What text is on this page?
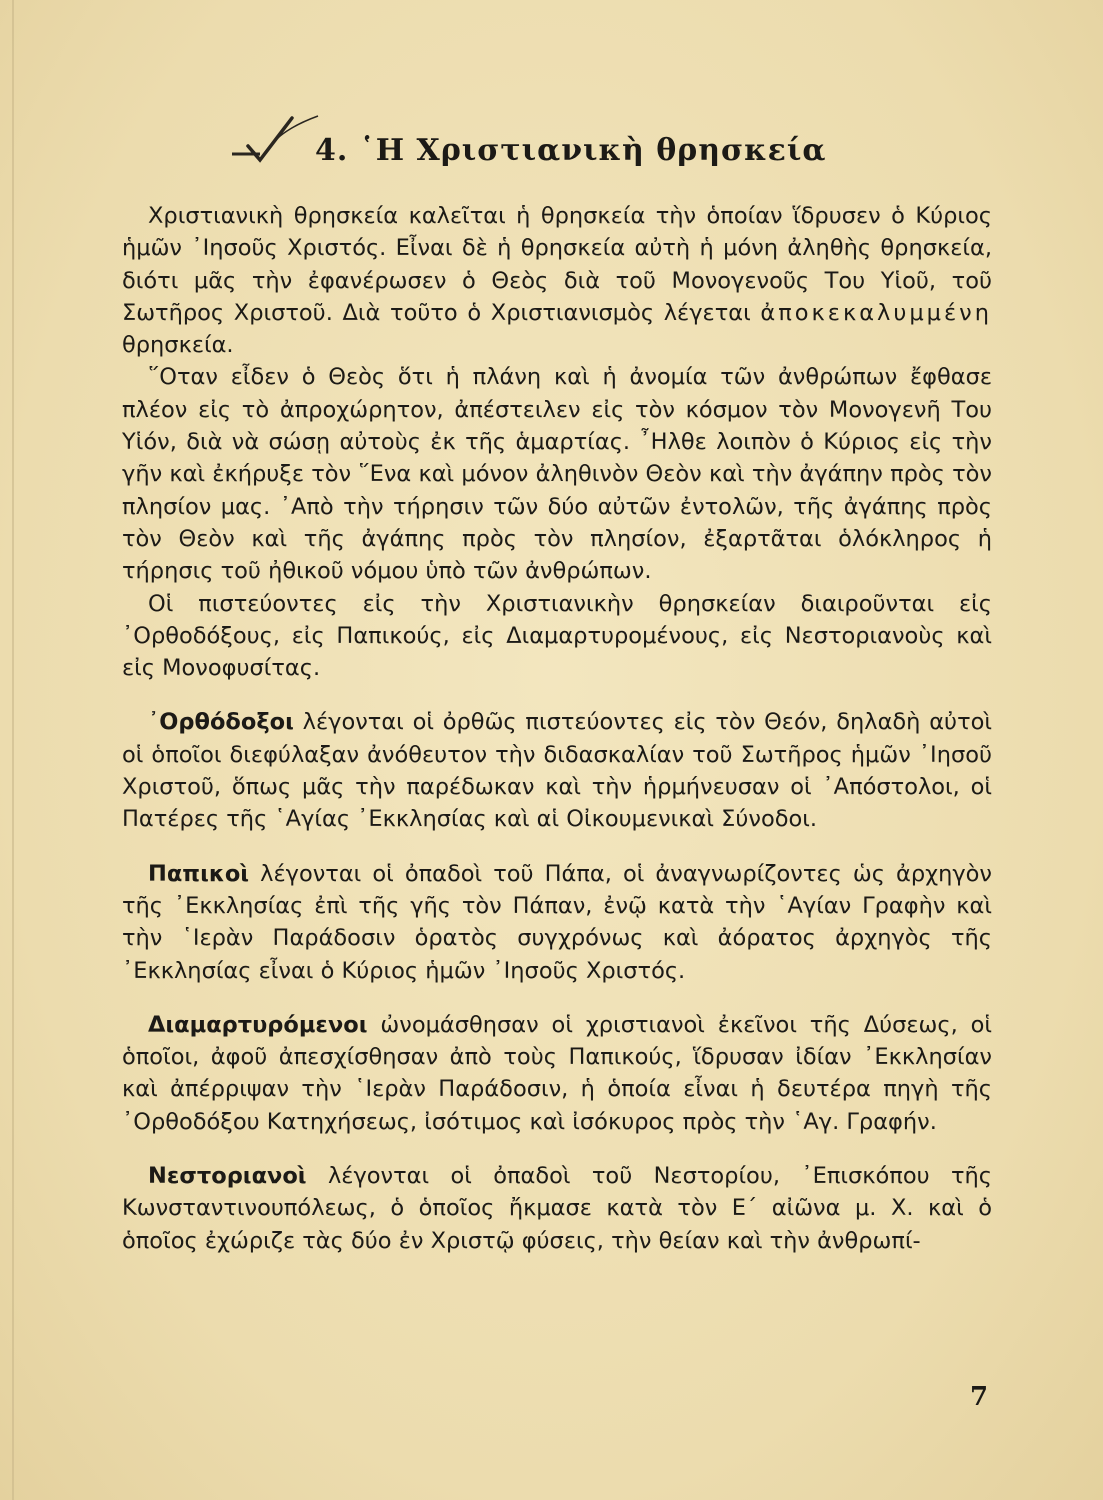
4. ῾Η Χριστιανικὴ θρησκεία

Χριστιανικὴ θρησκεία καλεῖται ἡ θρησκεία τὴν ὁποίαν ἵδρυσεν ὁ Κύριος ἡμῶν ᾿Ιησοῦς Χριστός. Εἶναι δὲ ἡ θρησκεία αὐτὴ ἡ μόνη ἀληθὴς θρησκεία, διότι μᾶς τὴν ἐφανέρωσεν ὁ Θεὸς διὰ τοῦ Μονογενοῦς Του Υἱοῦ, τοῦ Σωτῆρος Χριστοῦ. Διὰ τοῦτο ὁ Χριστιανισμὸς λέγεται ἀποκεκαλυμμένη θρησκεία.

῞Οταν εἶδεν ὁ Θεὸς ὅτι ἡ πλάνη καὶ ἡ ἀνομία τῶν ἀνθρώπων ἔφθασε πλέον εἰς τὸ ἀπροχώρητον, ἀπέστειλεν εἰς τὸν κόσμον τὸν Μονογενῆ Του Υἱόν, διὰ νὰ σώσῃ αὐτοὺς ἐκ τῆς ἁμαρτίας. ῏Ηλθε λοιπὸν ὁ Κύριος εἰς τὴν γῆν καὶ ἐκήρυξε τὸν ῞Ενα καὶ μόνον ἀληθινὸν Θεὸν καὶ τὴν ἀγάπην πρὸς τὸν πλησίον μας. ᾿Απὸ τὴν τήρησιν τῶν δύο αὐτῶν ἐντολῶν, τῆς ἀγάπης πρὸς τὸν Θεὸν καὶ τῆς ἀγάπης πρὸς τὸν πλησίον, ἐξαρτᾶται ὁλόκληρος ἡ τήρησις τοῦ ἠθικοῦ νόμου ὑπὸ τῶν ἀνθρώπων.

Οἱ πιστεύοντες εἰς τὴν Χριστιανικὴν θρησκείαν διαιροῦνται εἰς ᾿Ορθοδόξους, εἰς Παπικούς, εἰς Διαμαρτυρομένους, εἰς Νεστοριανοὺς καὶ εἰς Μονοφυσίτας.

᾿Ορθόδοξοι λέγονται οἱ ὀρθῶς πιστεύοντες εἰς τὸν Θεόν, δηλαδὴ αὐτοὶ οἱ ὁποῖοι διεφύλαξαν ἀνόθευτον τὴν διδασκαλίαν τοῦ Σωτῆρος ἡμῶν ᾿Ιησοῦ Χριστοῦ, ὅπως μᾶς τὴν παρέδωκαν καὶ τὴν ἡρμήνευσαν οἱ ᾿Απόστολοι, οἱ Πατέρες τῆς ῾Αγίας ᾿Εκκλησίας καὶ αἱ Οἰκουμενικαὶ Σύνοδοι.

Παπικοὶ λέγονται οἱ ὀπαδοὶ τοῦ Πάπα, οἱ ἀναγνωρίζοντες ὡς ἀρχηγὸν τῆς ᾿Εκκλησίας ἐπὶ τῆς γῆς τὸν Πάπαν, ἐνῷ κατὰ τὴν ῾Αγίαν Γραφὴν καὶ τὴν ῾Ιερὰν Παράδοσιν ὁρατὸς συγχρόνως καὶ ἀόρατος ἀρχηγὸς τῆς ᾿Εκκλησίας εἶναι ὁ Κύριος ἡμῶν ᾿Ιησοῦς Χριστός.

Διαμαρτυρόμενοι ὠνομάσθησαν οἱ χριστιανοὶ ἐκεῖνοι τῆς Δύσεως, οἱ ὁποῖοι, ἀφοῦ ἀπεσχίσθησαν ἀπὸ τοὺς Παπικούς, ἵδρυσαν ἰδίαν ᾿Εκκλησίαν καὶ ἀπέρριψαν τὴν ῾Ιερὰν Παράδοσιν, ἡ ὁποία εἶναι ἡ δευτέρα πηγὴ τῆς ᾿Ορθοδόξου Κατηχήσεως, ἰσότιμος καὶ ἰσόκυρος πρὸς τὴν ῾Αγ. Γραφήν.

Νεστοριανοὶ λέγονται οἱ ὀπαδοὶ τοῦ Νεστορίου, ᾿Επισκόπου τῆς Κωνσταντινουπόλεως, ὁ ὁποῖος ἤκμασε κατὰ τὸν Ε΄ αἰῶνα μ. Χ. καὶ ὁ ὁποῖος ἐχώριζε τὰς δύο ἐν Χριστῷ φύσεις, τὴν θείαν καὶ τὴν ἀνθρωπί-

7
